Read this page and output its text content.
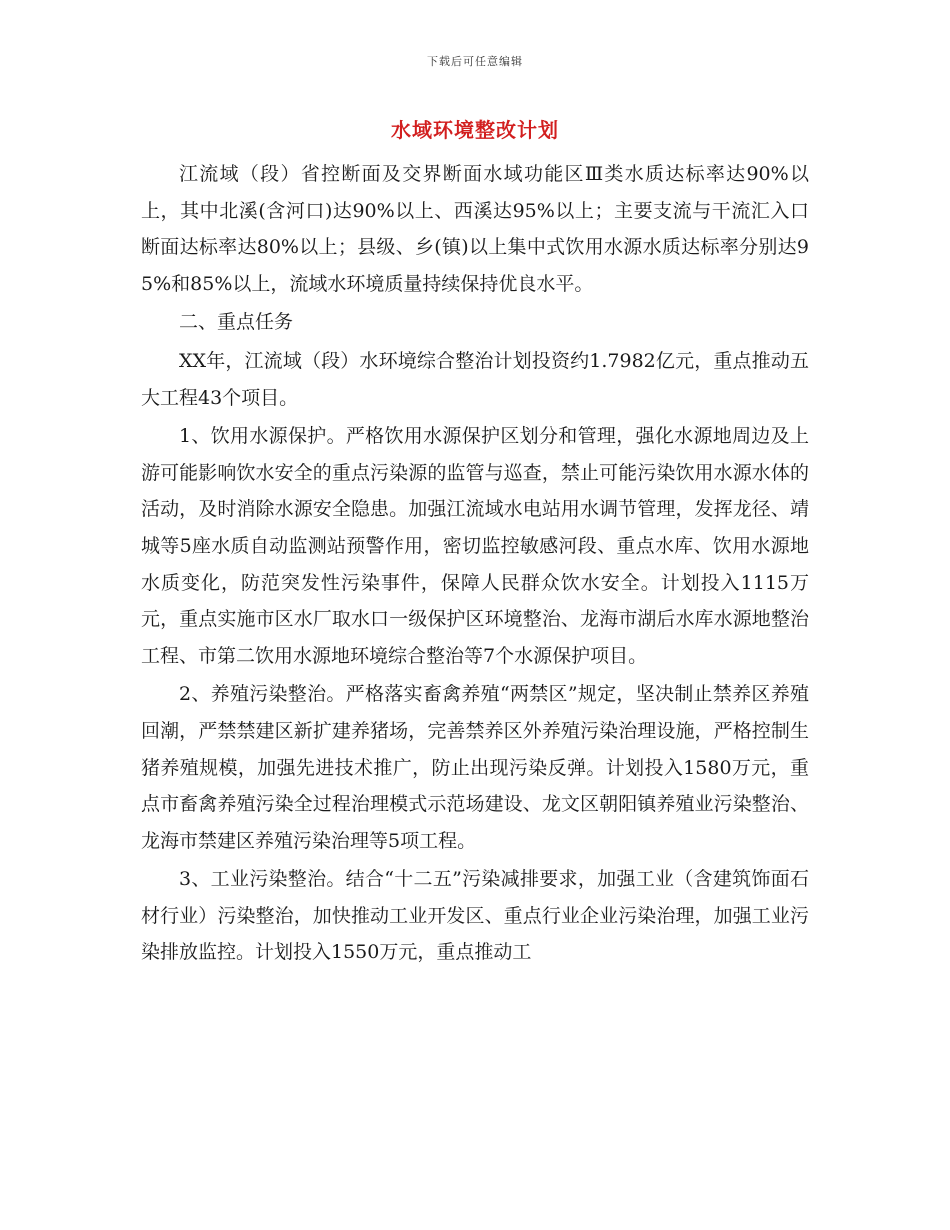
下载后可任意编辑
水域环境整改计划

江流域（段）省控断面及交界断面水域功能区Ⅲ类水质达标率达90%以上，其中北溪(含河口)达90%以上、西溪达95%以上；主要支流与干流汇入口断面达标率达80%以上；县级、乡(镇)以上集中式饮用水源水质达标率分别达95%和85%以上，流域水环境质量持续保持优良水平。

二、重点任务

XX年，江流域（段）水环境综合整治计划投资约1.7982亿元，重点推动五大工程43个项目。

1、饮用水源保护。严格饮用水源保护区划分和管理，强化水源地周边及上游可能影响饮水安全的重点污染源的监管与巡查，禁止可能污染饮用水源水体的活动，及时消除水源安全隐患。加强江流域水电站用水调节管理，发挥龙径、靖城等5座水质自动监测站预警作用，密切监控敏感河段、重点水库、饮用水源地水质变化，防范突发性污染事件，保障人民群众饮水安全。计划投入1115万元，重点实施市区水厂取水口一级保护区环境整治、龙海市湖后水库水源地整治工程、市第二饮用水源地环境综合整治等7个水源保护项目。

2、养殖污染整治。严格落实畜禽养殖“两禁区”规定，坚决制止禁养区养殖回潮，严禁禁建区新扩建养猪场，完善禁养区外养殖污染治理设施，严格控制生猪养殖规模，加强先进技术推广，防止出现污染反弹。计划投入1580万元，重点市畜禽养殖污染全过程治理模式示范场建设、龙文区朝阳镇养殖业污染整治、龙海市禁建区养殖污染治理等5项工程。

3、工业污染整治。结合“十二五”污染减排要求，加强工业（含建筑饰面石材行业）污染整治，加快推动工业开发区、重点行业企业污染治理，加强工业污染排放监控。计划投入1550万元，重点推动工
